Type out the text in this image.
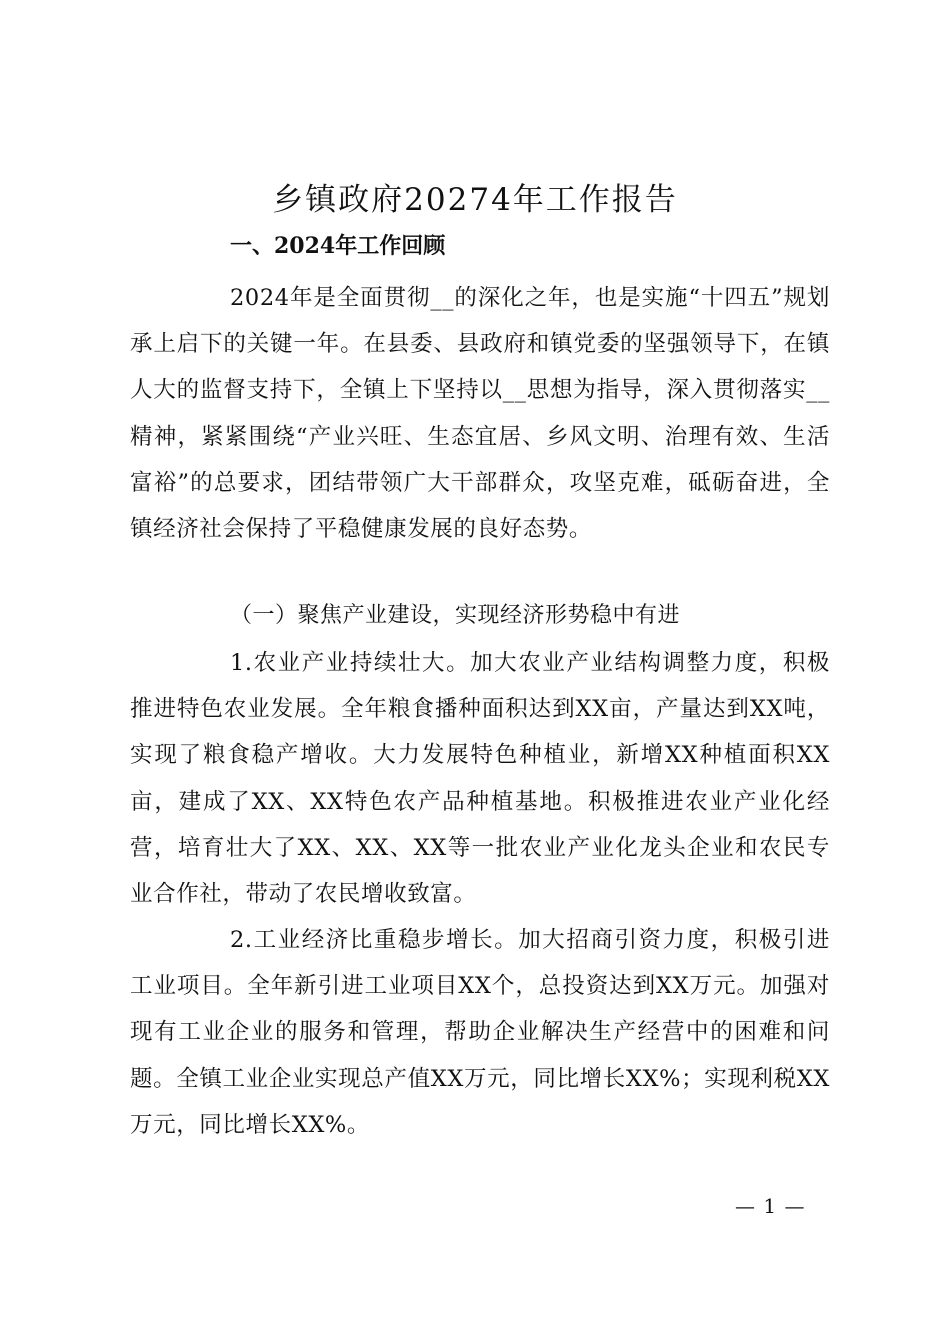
乡镇政府20274年工作报告
一、2024年工作回顾

2024年是全面贯彻__的深化之年，也是实施“十四五”规划承上启下的关键一年。在县委、县政府和镇党委的坚强领导下，在镇人大的监督支持下，全镇上下坚持以__思想为指导，深入贯彻落实__精神，紧紧围绕“产业兴旺、生态宜居、乡风文明、治理有效、生活富裕”的总要求，团结带领广大干部群众，攻坚克难，砥砺奋进，全镇经济社会保持了平稳健康发展的良好态势。

（一）聚焦产业建设，实现经济形势稳中有进

1.农业产业持续壮大。加大农业产业结构调整力度，积极推进特色农业发展。全年粮食播种面积达到XX亩，产量达到XX吨，实现了粮食稳产增收。大力发展特色种植业，新增XX种植面积XX亩，建成了XX、XX特色农产品种植基地。积极推进农业产业化经营，培育壮大了XX、XX、XX等一批农业产业化龙头企业和农民专业合作社，带动了农民增收致富。

2.工业经济比重稳步增长。加大招商引资力度，积极引进工业项目。全年新引进工业项目XX个，总投资达到XX万元。加强对现有工业企业的服务和管理，帮助企业解决生产经营中的困难和问题。全镇工业企业实现总产值XX万元，同比增长XX%；实现利税XX万元，同比增长XX%。

— 1 —
